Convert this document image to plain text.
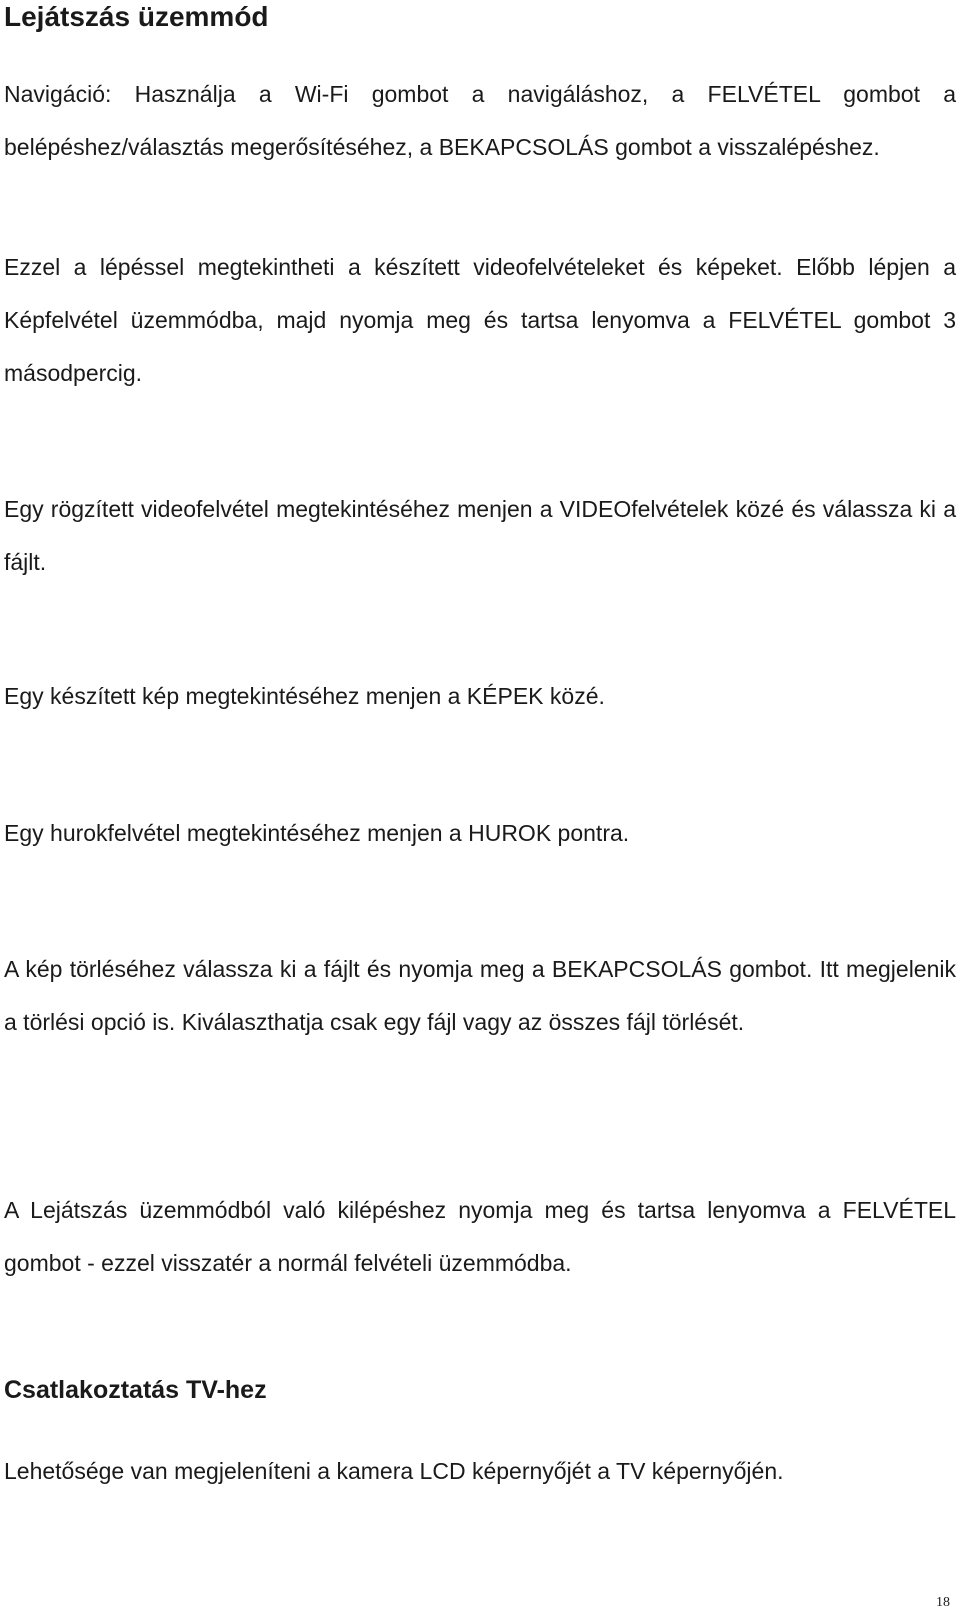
Lejátszás üzemmód

Navigáció: Használja a Wi-Fi gombot a navigáláshoz, a FELVÉTEL gombot a belépéshez/választás megerősítéséhez, a BEKAPCSOLÁS gombot a visszalépéshez.

Ezzel a lépéssel megtekintheti a készített videofelvételeket és képeket. Előbb lépjen a Képfelvétel üzemmódba, majd nyomja meg és tartsa lenyomva a FELVÉTEL gombot 3 másodpercig.

Egy rögzített videofelvétel megtekintéséhez menjen a VIDEOfelvételek közé és válassza ki a fájlt.

Egy készített kép megtekintéséhez menjen a KÉPEK közé.

Egy hurokfelvétel megtekintéséhez menjen a HUROK pontra.

A kép törléséhez válassza ki a fájlt és nyomja meg a BEKAPCSOLÁS gombot. Itt megjelenik a törlési opció is. Kiválaszthatja csak egy fájl vagy az összes fájl törlését.

A Lejátszás üzemmódból való kilépéshez nyomja meg és tartsa lenyomva a FELVÉTEL gombot - ezzel visszatér a normál felvételi üzemmódba.

Csatlakoztatás TV-hez

Lehetősége van megjeleníteni a kamera LCD képernyőjét a TV képernyőjén.

18
